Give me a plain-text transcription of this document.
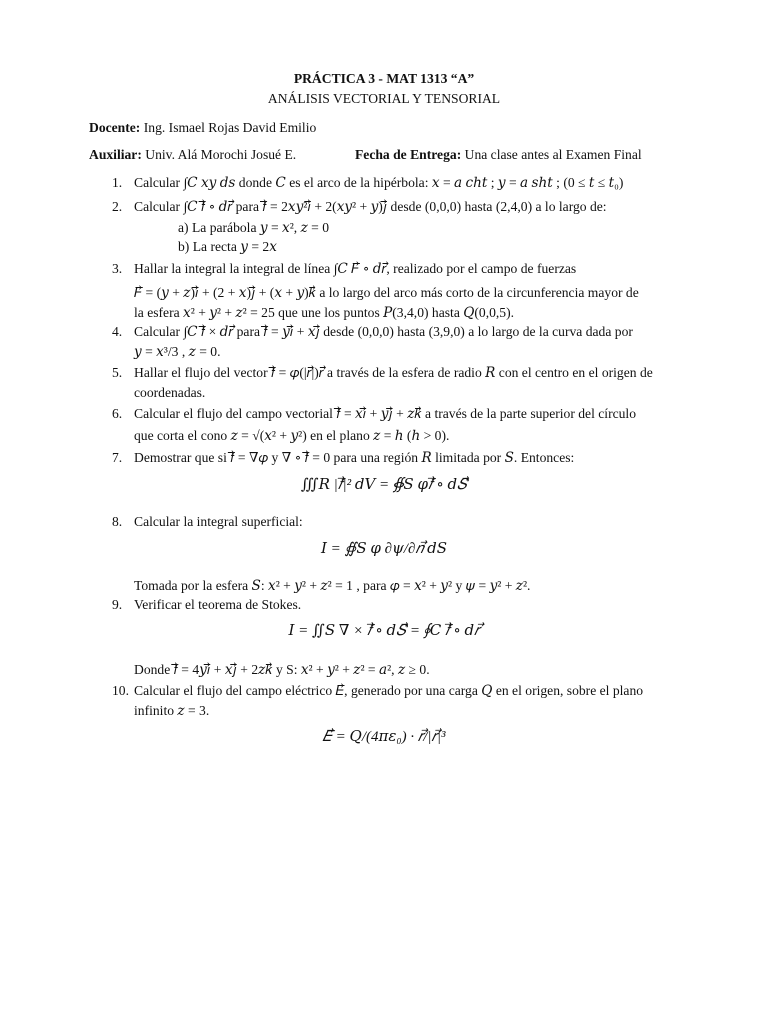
PRÁCTICA 3 - MAT 1313 “A”
ANÁLISIS VECTORIAL Y TENSORIAL
Docente: Ing. Ismael Rojas David Emilio
Auxiliar: Univ. Alá Morochi Josué E.	Fecha de Entrega: Una clase antes al Examen Final
1. Calcular ∫𝐶 𝑥𝑦 𝑑𝑠 donde 𝐶 es el arco de la hipérbola: 𝑥 = 𝑎 𝑐ℎ𝑡 ; 𝑦 = 𝑎 𝑠ℎ𝑡 ; (0 ≤ 𝑡 ≤ 𝑡₀)
2. Calcular ∫𝐶 𝑓⃗ ∘ 𝑑𝑟⃗ para 𝑓⃗ = 2𝑥𝑦²𝑖⃗ + 2(𝑥𝑦² + 𝑦)𝑗⃗ desde (0,0,0) hasta (2,4,0) a lo largo de:
a) La parábola 𝑦 = 𝑥², 𝑧 = 0
b) La recta 𝑦 = 2𝑥
3. Hallar la integral la integral de línea ∫𝐶 𝐹⃗ ∘ 𝑑𝑟⃗, realizado por el campo de fuerzas
𝐹⃗ = (𝑦 + 𝑧)𝑖⃗ + (2 + 𝑥)𝑗⃗ + (𝑥 + 𝑦)𝑘⃗ a lo largo del arco más corto de la circunferencia mayor de
la esfera 𝑥² + 𝑦² + 𝑧² = 25 que une los puntos 𝑃(3,4,0) hasta 𝑄(0,0,5).
4. Calcular ∫𝐶 𝑓⃗ × 𝑑𝑟⃗ para 𝑓⃗ = 𝑦𝑖⃗ + 𝑥𝑗⃗ desde (0,0,0) hasta (3,9,0) a lo largo de la curva dada por
𝑦 = 𝑥³/3 , 𝑧 = 0.
5. Hallar el flujo del vector 𝑓⃗ = 𝜑(|𝑟⃗|)𝑟⃗ a través de la esfera de radio 𝑅 con el centro en el origen de
coordenadas.
6. Calcular el flujo del campo vectorial 𝑓⃗ = 𝑥𝑖⃗ + 𝑦𝑗⃗ + 𝑧𝑘⃗ a través de la parte superior del círculo
que corta el cono 𝑧 = √(𝑥² + 𝑦²) en el plano 𝑧 = ℎ (ℎ > 0).
7. Demostrar que si 𝑓⃗ = ∇𝜑 y ∇ ∘ 𝑓⃗ = 0 para una región 𝑅 limitada por 𝑆. Entonces:
∭𝑅 |𝑓⃗|² 𝑑𝑉 = ∯𝑆 𝜑𝑓⃗ ∘ 𝑑𝑆⃗
8. Calcular la integral superficial:
𝐼 = ∯𝑆 𝜑 ∂𝜓/∂𝑛⃗ 𝑑𝑆
Tomada por la esfera 𝑆: 𝑥² + 𝑦² + 𝑧² = 1 , para 𝜑 = 𝑥² + 𝑦² y 𝜓 = 𝑦² + 𝑧².
9. Verificar el teorema de Stokes.
𝐼 = ∬𝑆 ∇ × 𝑓⃗ ∘ 𝑑𝑆⃗ = ∮𝐶 𝑓⃗ ∘ 𝑑𝑟⃗
Donde 𝑓⃗ = 4𝑦𝑖⃗ + 𝑥𝑗⃗ + 2𝑧𝑘⃗ y S: 𝑥² + 𝑦² + 𝑧² = 𝑎², 𝑧 ≥ 0.
10. Calcular el flujo del campo eléctrico 𝐸⃗, generado por una carga 𝑄 en el origen, sobre el plano
infinito 𝑧 = 3.
𝐸⃗ = 𝑄/(4𝜋𝜀₀) · 𝑟⃗/|𝑟⃗|³
